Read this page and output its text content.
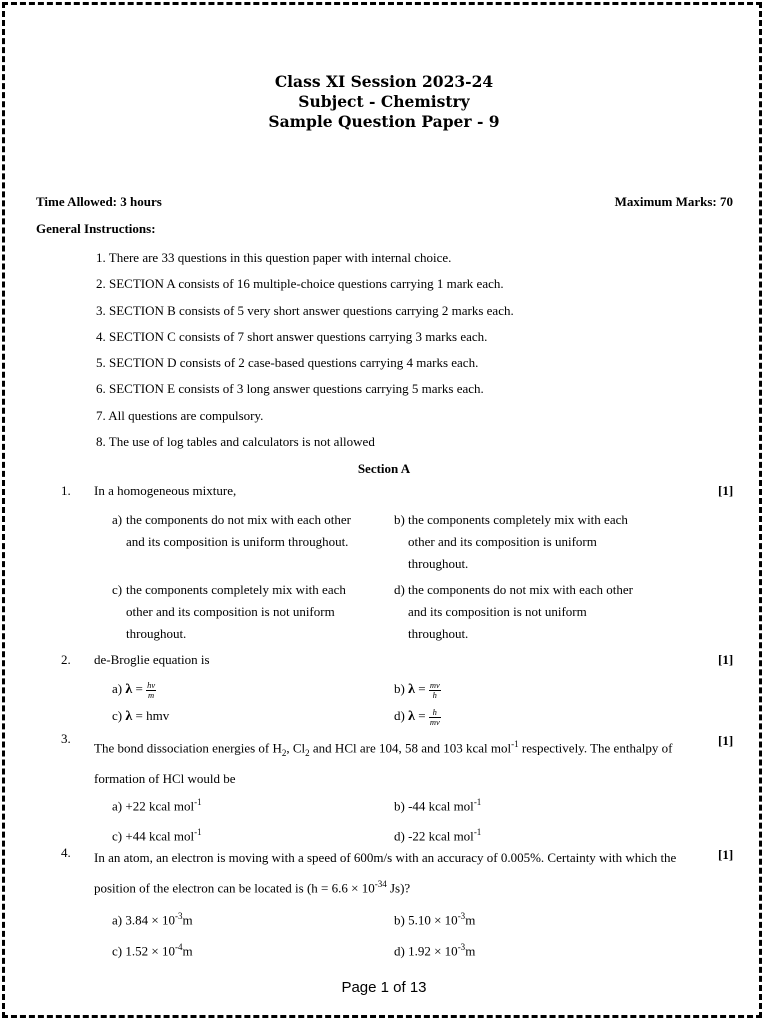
Class XI Session 2023-24
Subject - Chemistry
Sample Question Paper - 9
Time Allowed: 3 hours	Maximum Marks: 70
General Instructions:
1. There are 33 questions in this question paper with internal choice.
2. SECTION A consists of 16 multiple-choice questions carrying 1 mark each.
3. SECTION B consists of 5 very short answer questions carrying 2 marks each.
4. SECTION C consists of 7 short answer questions carrying 3 marks each.
5. SECTION D consists of 2 case-based questions carrying 4 marks each.
6. SECTION E consists of 3 long answer questions carrying 5 marks each.
7. All questions are compulsory.
8. The use of log tables and calculators is not allowed
Section A
1. In a homogeneous mixture,	[1]
a) the components do not mix with each other and its composition is uniform throughout.
b) the components completely mix with each other and its composition is uniform throughout.
c) the components completely mix with each other and its composition is not uniform throughout.
d) the components do not mix with each other and its composition is not uniform throughout.
2. de-Broglie equation is	[1]
a) $\lambda = \frac{hv}{m}$	b) $\lambda = \frac{mv}{h}$
c) λ = hmv	d) $\lambda = \frac{h}{mv}$
3.
The bond dissociation energies of $H_2$, $Cl_2$ and HCl are 104, 58 and 103 kcal mol$^{-1}$ respectively. The enthalpy of formation of HCl would be
[1]
a) +22 kcal mol$^{-1}$	b) -44 kcal mol$^{-1}$
c) +44 kcal mol$^{-1}$	d) -22 kcal mol$^{-1}$
4. In an atom, an electron is moving with a speed of 600m/s with an accuracy of 0.005%. Certainty with which the position of the electron can be located is ($h = 6.6 \times 10^{-34}$ Js)?
[1]
a) $3.84 \times 10^{-3}m$	b) $5.10 \times 10^{-3}m$
c) $1.52 \times 10^{-4}m$	d) $1.92 \times 10^{-3}m$
Page 1 of 13
